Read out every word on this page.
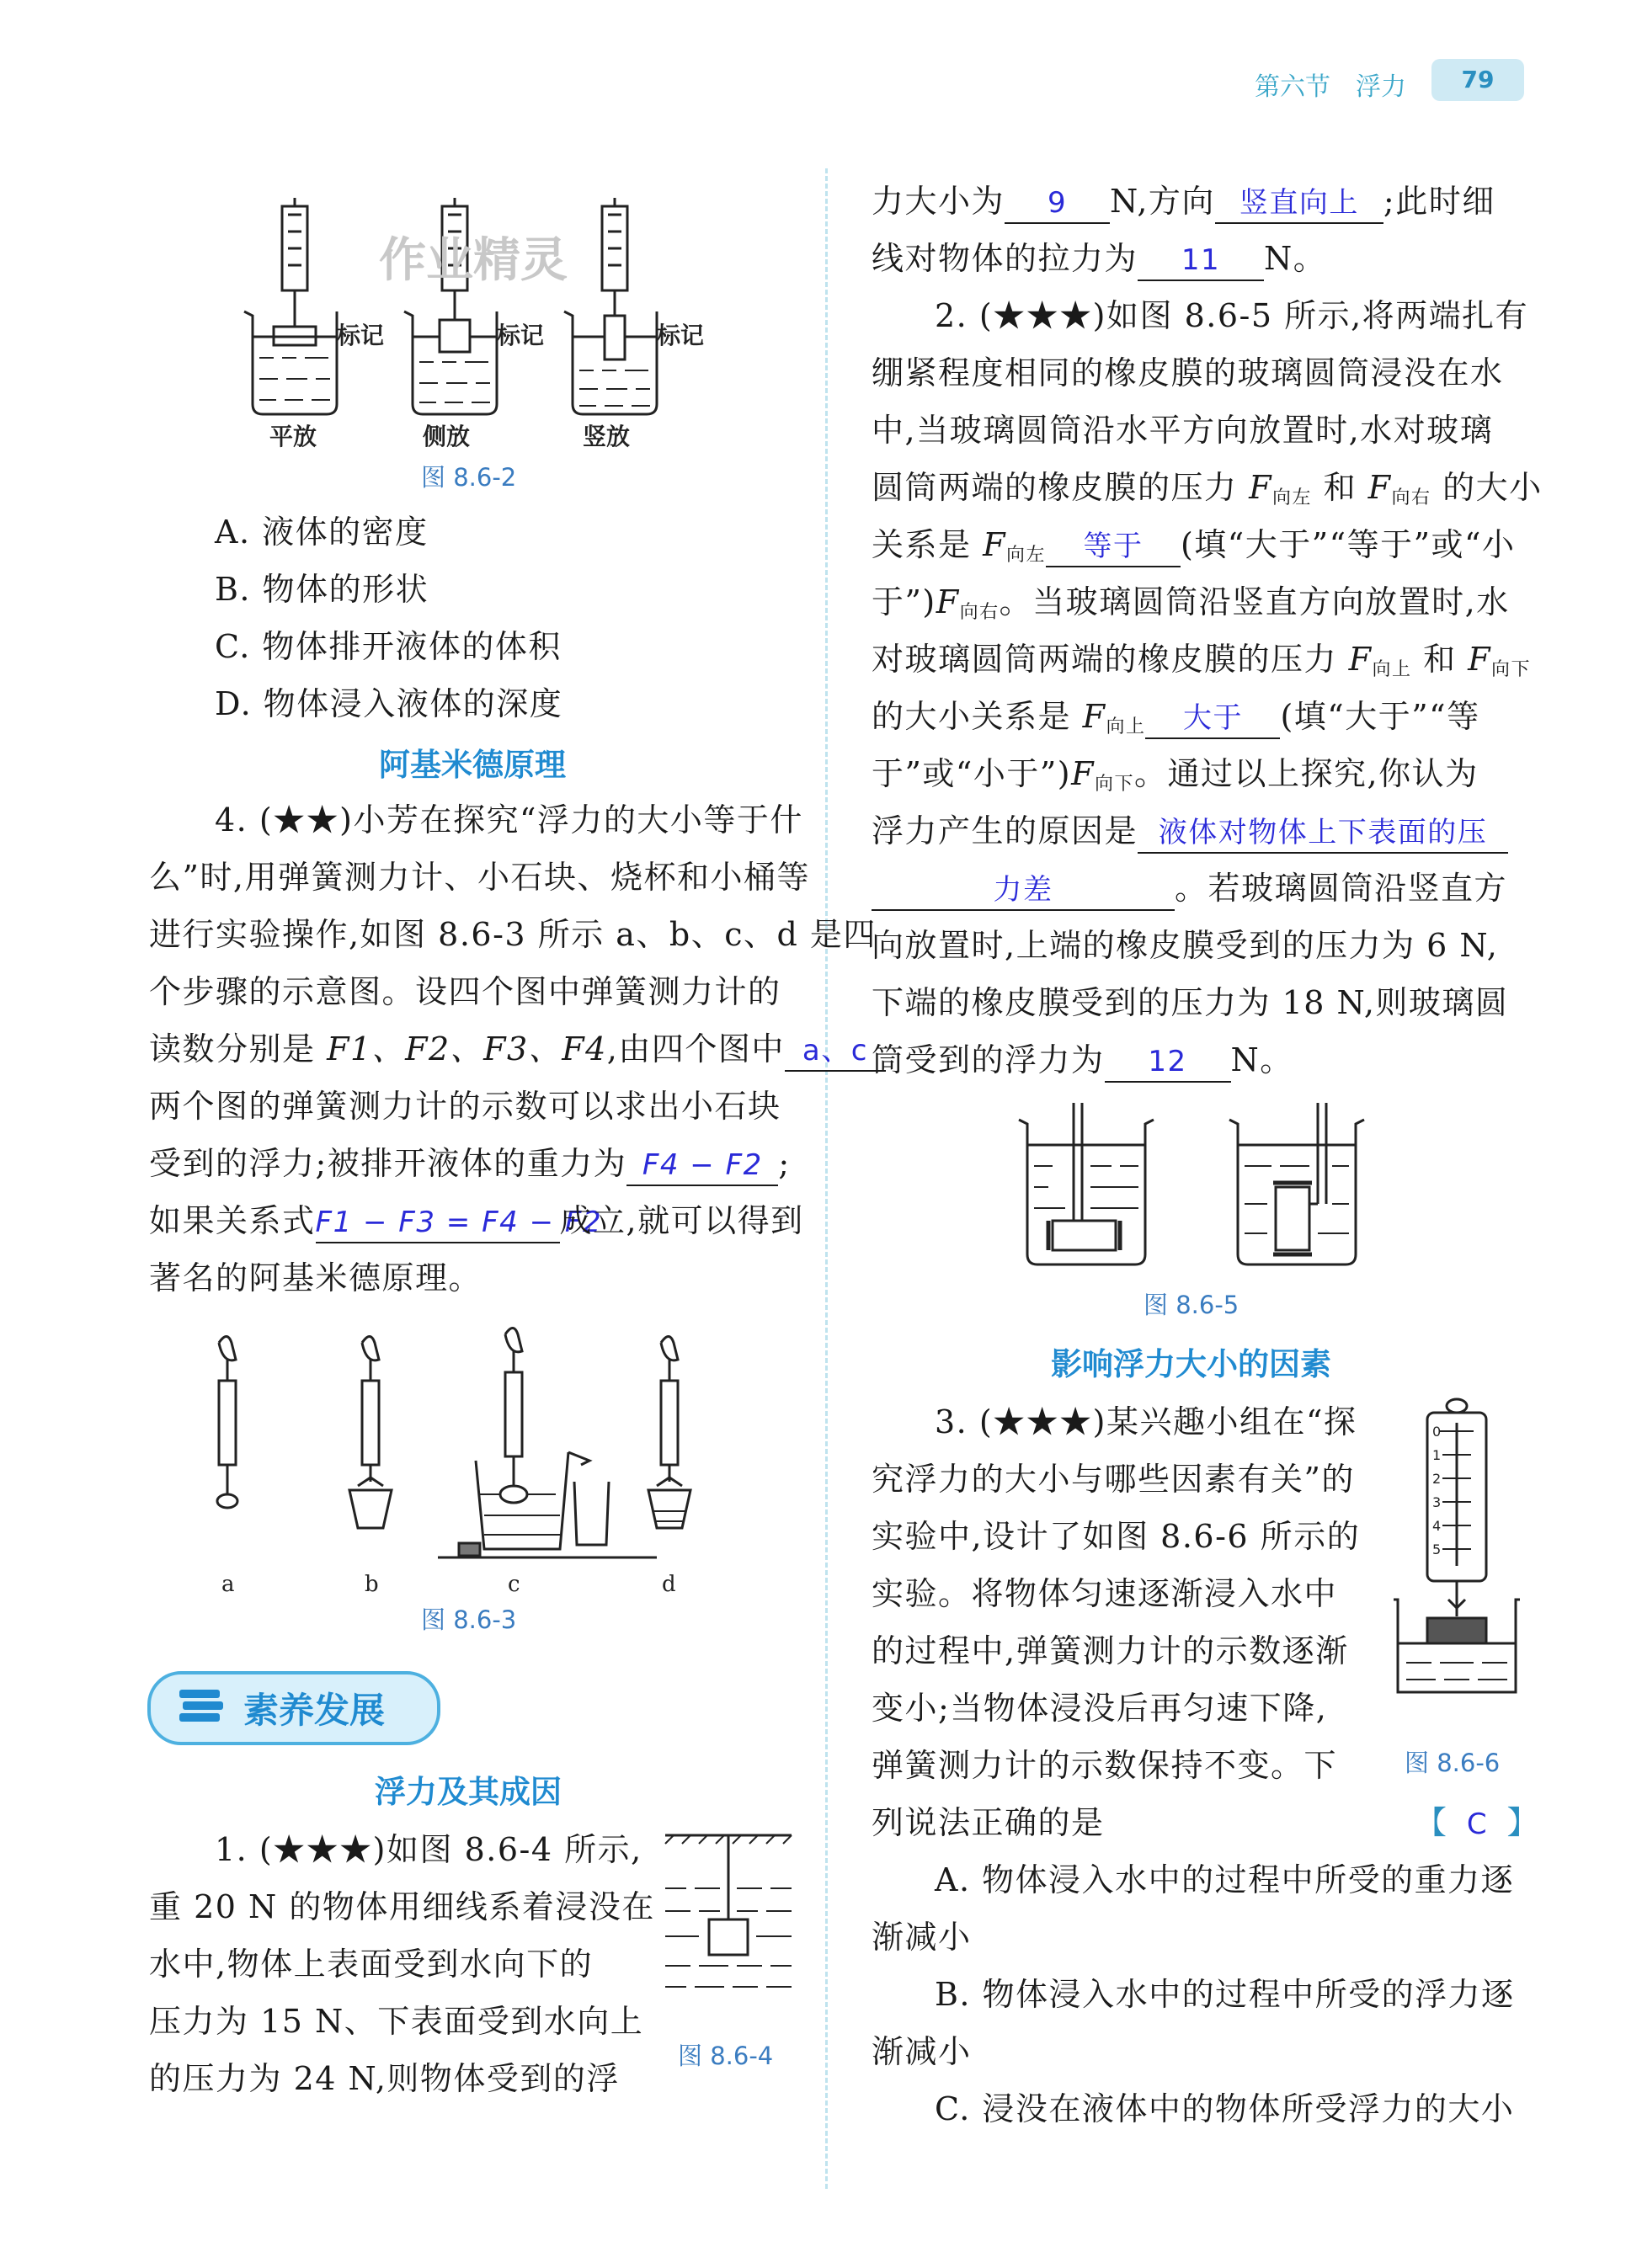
第六节　浮力	79
作业精灵
标记	标记	标记
平放	侧放	竖放
图 8.6-2
A. 液体的密度
B. 物体的形状
C. 物体排开液体的体积
D. 物体浸入液体的深度
阿基米德原理
4. (★★)小芳在探究“浮力的大小等于什
么”时,用弹簧测力计、小石块、烧杯和小桶等
进行实验操作,如图 8.6-3 所示 a、b、c、d 是四
个步骤的示意图。设四个图中弹簧测力计的
读数分别是 F1、F2、F3、F4,由四个图中 a、c
两个图的弹簧测力计的示数可以求出小石块
受到的浮力;被排开液体的重力为 F4 − F2 ;
如果关系式F1 − F3 = F4 − F2成立,就可以得到
著名的阿基米德原理。
a	b	c	d
图 8.6-3
素养发展
浮力及其成因
1. (★★★)如图 8.6-4 所示,
重 20 N 的物体用细线系着浸没在
水中,物体上表面受到水向下的
压力为 15 N、下表面受到水向上
的压力为 24 N,则物体受到的浮
图 8.6-4
力大小为 9 N,方向 竖直向上 ;此时细
线对物体的拉力为 11 N。
2. (★★★)如图 8.6-5 所示,将两端扎有
绷紧程度相同的橡皮膜的玻璃圆筒浸没在水
中,当玻璃圆筒沿水平方向放置时,水对玻璃
圆筒两端的橡皮膜的压力 $F_{向左}$ 和 $F_{向右}$ 的大小
关系是 $F_{向左}$ 等于 (填“大于”“等于”或“小
于$”)F_{向右}$。当玻璃圆筒沿竖直方向放置时,水
对玻璃圆筒两端的橡皮膜的压力 $F_{向上}$ 和 $F_{向下}$
的大小关系是 $F_{向上}$ 大于 (填“大于”“等
于”或“小于$”)F_{向下}$。通过以上探究,你认为
浮力产生的原因是 液体对物体上下表面的压
力差	。若玻璃圆筒沿竖直方
向放置时,上端的橡皮膜受到的压力为 6 N,
下端的橡皮膜受到的压力为 18 N,则玻璃圆
筒受到的浮力为 12 N。
图 8.6-5
影响浮力大小的因素
3. (★★★)某兴趣小组在“探
究浮力的大小与哪些因素有关”的
实验中,设计了如图 8.6-6 所示的
实验。将物体匀速逐渐浸入水中
的过程中,弹簧测力计的示数逐渐
变小;当物体浸没后再匀速下降,
弹簧测力计的示数保持不变。下
列说法正确的是	【 C 】
0
1
2
3
4
5
图 8.6-6
A. 物体浸入水中的过程中所受的重力逐
渐减小
B. 物体浸入水中的过程中所受的浮力逐
渐减小
C. 浸没在液体中的物体所受浮力的大小
